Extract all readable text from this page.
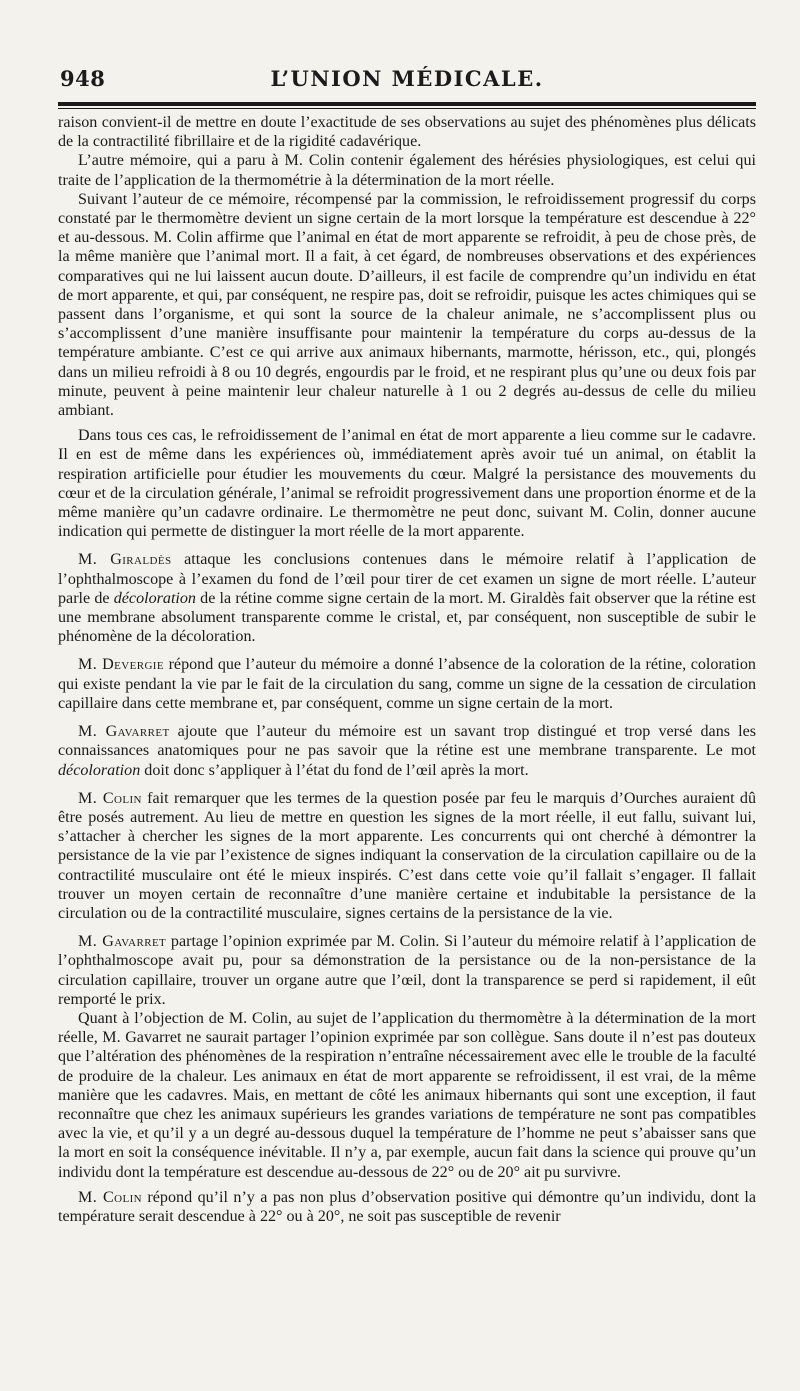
948	L’UNION MÉDICALE.

raison convient-il de mettre en doute l’exactitude de ses observations au sujet des phénomènes plus délicats de la contractilité fibrillaire et de la rigidité cadavérique.

L’autre mémoire, qui a paru à M. Colin contenir également des hérésies physiologiques, est celui qui traite de l’application de la thermométrie à la détermination de la mort réelle.

Suivant l’auteur de ce mémoire, récompensé par la commission, le refroidissement progressif du corps constaté par le thermomètre devient un signe certain de la mort lorsque la température est descendue à 22° et au-dessous. M. Colin affirme que l’animal en état de mort apparente se refroidit, à peu de chose près, de la même manière que l’animal mort. Il a fait, à cet égard, de nombreuses observations et des expériences comparatives qui ne lui laissent aucun doute. D’ailleurs, il est facile de comprendre qu’un individu en état de mort apparente, et qui, par conséquent, ne respire pas, doit se refroidir, puisque les actes chimiques qui se passent dans l’organisme, et qui sont la source de la chaleur animale, ne s’accomplissent plus ou s’accomplissent d’une manière insuffisante pour maintenir la température du corps au-dessus de la température ambiante. C’est ce qui arrive aux animaux hibernants, marmotte, hérisson, etc., qui, plongés dans un milieu refroidi à 8 ou 10 degrés, engourdis par le froid, et ne respirant plus qu’une ou deux fois par minute, peuvent à peine maintenir leur chaleur naturelle à 1 ou 2 degrés au-dessus de celle du milieu ambiant.

Dans tous ces cas, le refroidissement de l’animal en état de mort apparente a lieu comme sur le cadavre. Il en est de même dans les expériences où, immédiatement après avoir tué un animal, on établit la respiration artificielle pour étudier les mouvements du cœur. Malgré la persistance des mouvements du cœur et de la circulation générale, l’animal se refroidit progressivement dans une proportion énorme et de la même manière qu’un cadavre ordinaire. Le thermomètre ne peut donc, suivant M. Colin, donner aucune indication qui permette de distinguer la mort réelle de la mort apparente.

M. Giraldès attaque les conclusions contenues dans le mémoire relatif à l’application de l’ophthalmoscope à l’examen du fond de l’œil pour tirer de cet examen un signe de mort réelle. L’auteur parle de décoloration de la rétine comme signe certain de la mort. M. Giraldès fait observer que la rétine est une membrane absolument transparente comme le cristal, et, par conséquent, non susceptible de subir le phénomène de la décoloration.

M. Devergie répond que l’auteur du mémoire a donné l’absence de la coloration de la rétine, coloration qui existe pendant la vie par le fait de la circulation du sang, comme un signe de la cessation de circulation capillaire dans cette membrane et, par conséquent, comme un signe certain de la mort.

M. Gavarret ajoute que l’auteur du mémoire est un savant trop distingué et trop versé dans les connaissances anatomiques pour ne pas savoir que la rétine est une membrane transparente. Le mot décoloration doit donc s’appliquer à l’état du fond de l’œil après la mort.

M. Colin fait remarquer que les termes de la question posée par feu le marquis d’Ourches auraient dû être posés autrement. Au lieu de mettre en question les signes de la mort réelle, il eut fallu, suivant lui, s’attacher à chercher les signes de la mort apparente. Les concurrents qui ont cherché à démontrer la persistance de la vie par l’existence de signes indiquant la conservation de la circulation capillaire ou de la contractilité musculaire ont été le mieux inspirés. C’est dans cette voie qu’il fallait s’engager. Il fallait trouver un moyen certain de reconnaître d’une manière certaine et indubitable la persistance de la circulation ou de la contractilité musculaire, signes certains de la persistance de la vie.

M. Gavarret partage l’opinion exprimée par M. Colin. Si l’auteur du mémoire relatif à l’application de l’ophthalmoscope avait pu, pour sa démonstration de la persistance ou de la non-persistance de la circulation capillaire, trouver un organe autre que l’œil, dont la transparence se perd si rapidement, il eût remporté le prix.

Quant à l’objection de M. Colin, au sujet de l’application du thermomètre à la détermination de la mort réelle, M. Gavarret ne saurait partager l’opinion exprimée par son collègue. Sans doute il n’est pas douteux que l’altération des phénomènes de la respiration n’entraîne nécessairement avec elle le trouble de la faculté de produire de la chaleur. Les animaux en état de mort apparente se refroidissent, il est vrai, de la même manière que les cadavres. Mais, en mettant de côté les animaux hibernants qui sont une exception, il faut reconnaître que chez les animaux supérieurs les grandes variations de température ne sont pas compatibles avec la vie, et qu’il y a un degré au-dessous duquel la température de l’homme ne peut s’abaisser sans que la mort en soit la conséquence inévitable. Il n’y a, par exemple, aucun fait dans la science qui prouve qu’un individu dont la température est descendue au-dessous de 22° ou de 20° ait pu survivre.

M. Colin répond qu’il n’y a pas non plus d’observation positive qui démontre qu’un individu, dont la température serait descendue à 22° ou à 20°, ne soit pas susceptible de revenir
